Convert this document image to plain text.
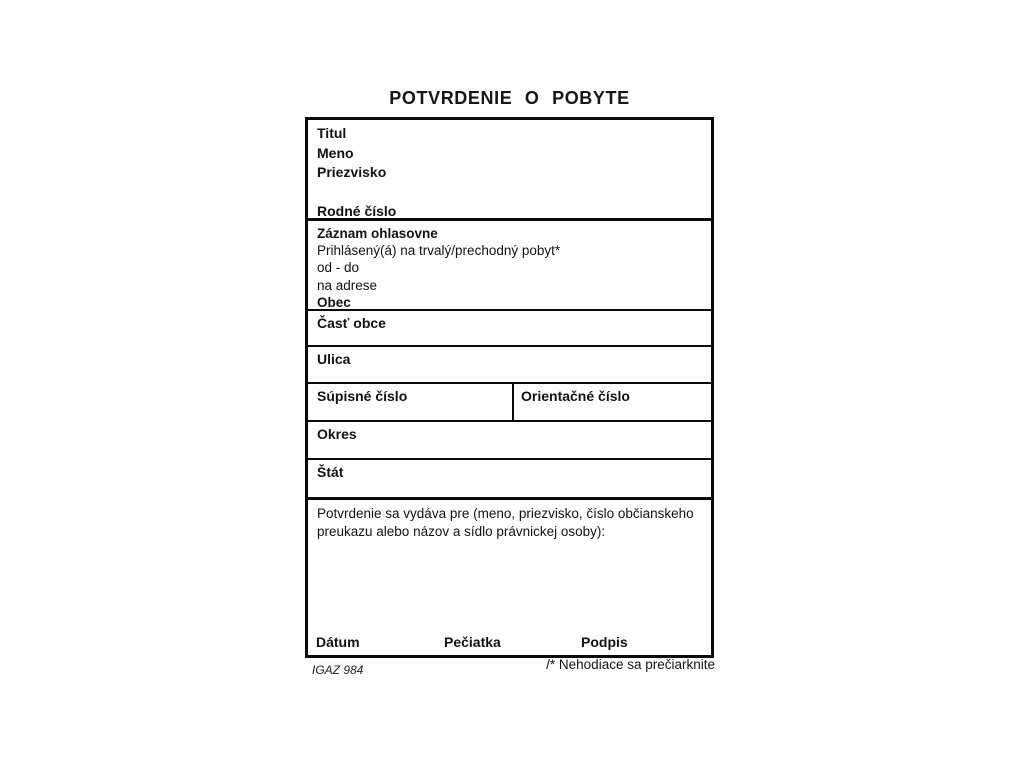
POTVRDENIE O POBYTE
Titul
Meno
Priezvisko
Rodné číslo
Záznam ohlasovne
Prihlásený(á) na trvalý/prechodný pobyt*
od - do
na adrese
Obec
Časť obce
Ulica
Súpisné číslo	Orientačné číslo
Okres
Štát
Potvrdenie sa vydáva pre (meno, priezvisko, číslo občianskeho
preukazu alebo názov a sídlo právnickej osoby):
Dátum	Pečiatka	Podpis
IGAZ 984	/* Nehodiace sa prečiarknite
